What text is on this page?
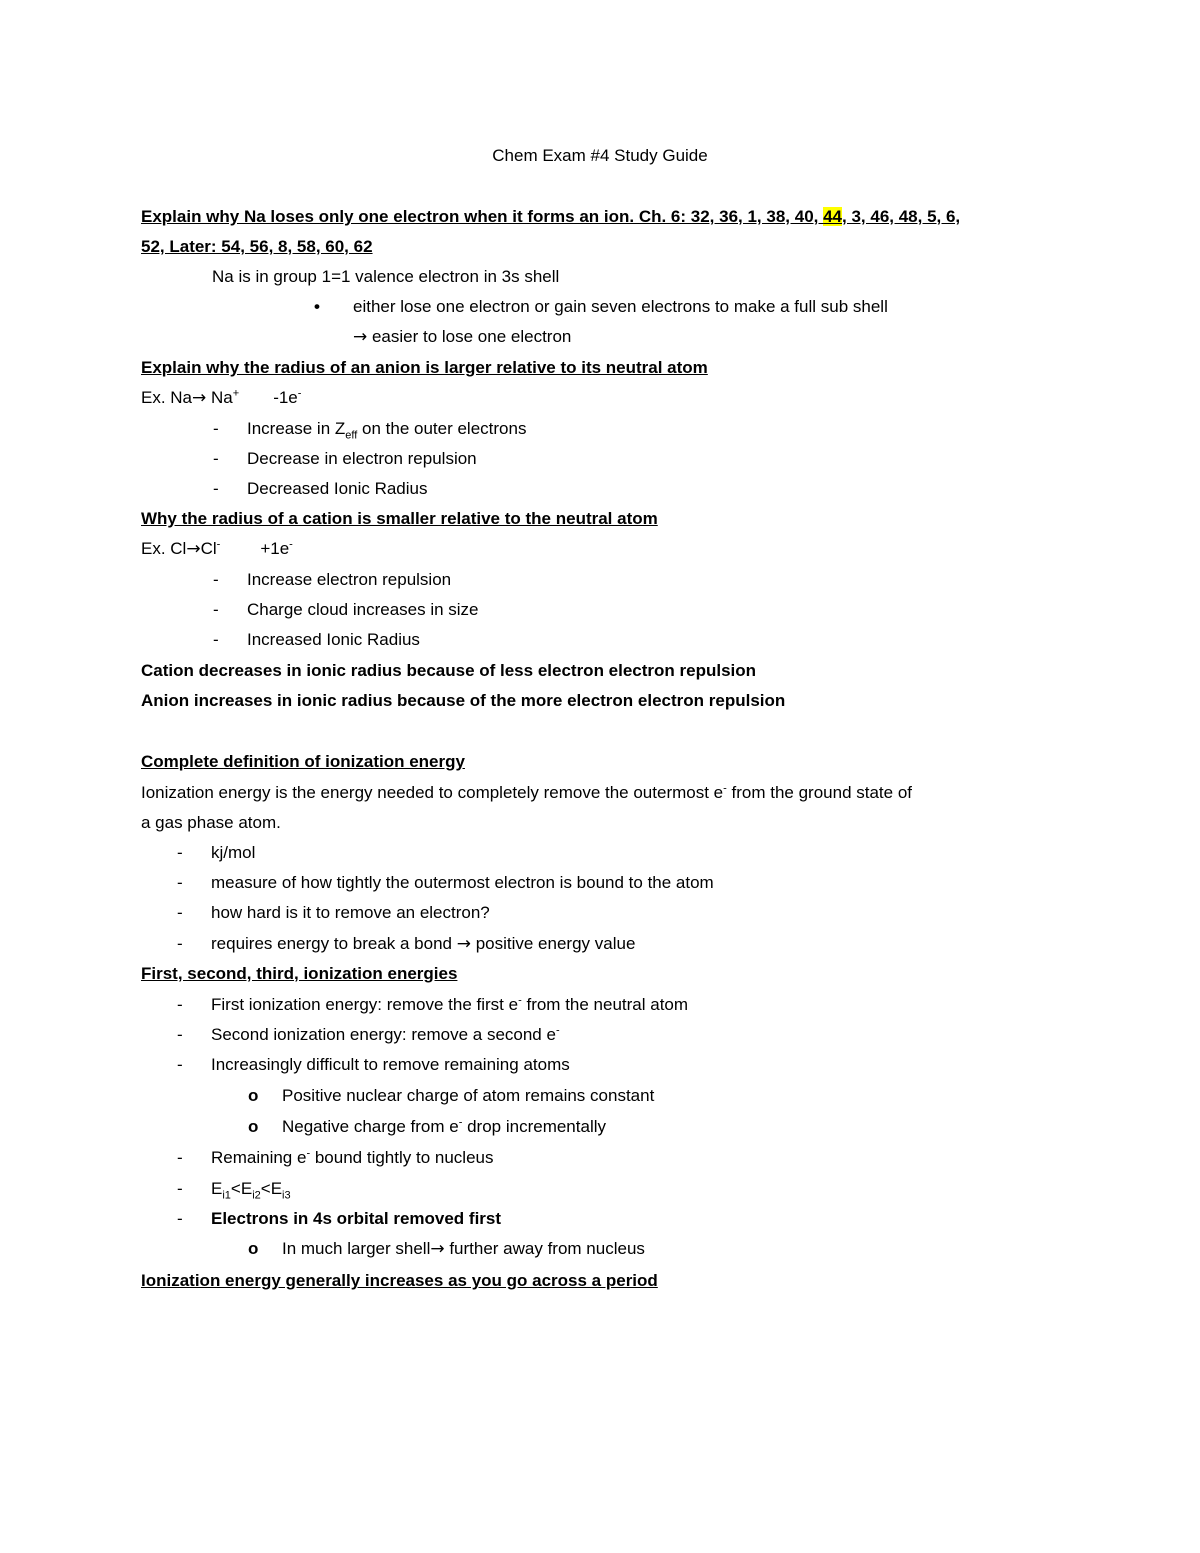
Chem Exam #4 Study Guide
Explain why Na loses only one electron when it forms an ion. Ch. 6: 32, 36, 1, 38, 40, 44, 3, 46, 48, 5, 6,
52, Later: 54, 56, 8, 58, 60, 62
Na is in group 1=1 valence electron in 3s shell
• either lose one electron or gain seven electrons to make a full sub shell
→ easier to lose one electron
Explain why the radius of an anion is larger relative to its neutral atom
Ex. Na→ Na+ -1e-
- Increase in $Z_{eff}$ on the outer electrons
- Decrease in electron repulsion
- Decreased Ionic Radius
Why the radius of a cation is smaller relative to the neutral atom
Ex. Cl→Cl- +1e-
- Increase electron repulsion
- Charge cloud increases in size
- Increased Ionic Radius
Cation decreases in ionic radius because of less electron electron repulsion
Anion increases in ionic radius because of the more electron electron repulsion
Complete definition of ionization energy
Ionization energy is the energy needed to completely remove the outermost e- from the ground state of
a gas phase atom.
- kj/mol
- measure of how tightly the outermost electron is bound to the atom
- how hard is it to remove an electron?
- requires energy to break a bond → positive energy value
First, second, third, ionization energies
- First ionization energy: remove the first e- from the neutral atom
- Second ionization energy: remove a second e-
- Increasingly difficult to remove remaining atoms
o Positive nuclear charge of atom remains constant
o Negative charge from e- drop incrementally
- Remaining e- bound tightly to nucleus
- $E_{i1}<E_{i2}<E_{i3}$
- Electrons in 4s orbital removed first
o In much larger shell→ further away from nucleus
Ionization energy generally increases as you go across a period
